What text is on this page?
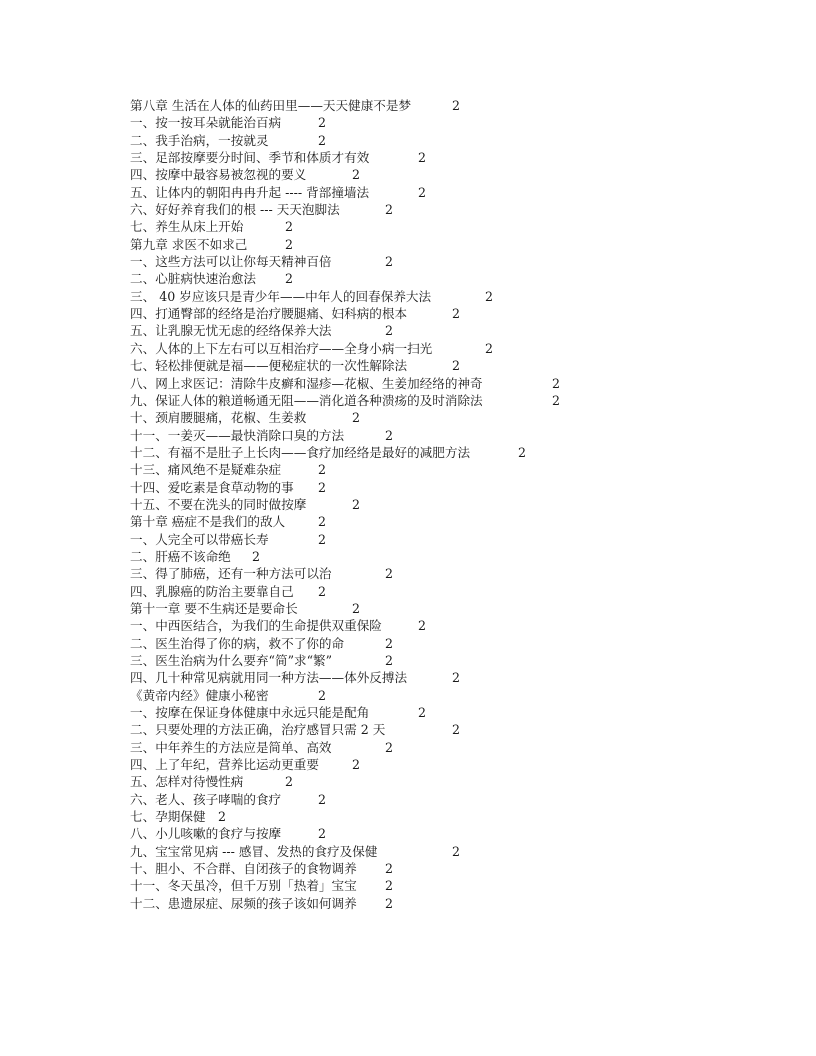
第八章 生活在人体的仙药田里——天天健康不是梦	2
一、按一按耳朵就能治百病	2
二、我手治病，一按就灵	2
三、足部按摩要分时间、季节和体质才有效	2
四、按摩中最容易被忽视的要义	2
五、让体内的朝阳冉冉升起 ---- 背部撞墙法	2
六、好好养育我们的根 --- 天天泡脚法	2
七、养生从床上开始	2
第九章 求医不如求己	2
一、这些方法可以让你每天精神百倍	2
二、心脏病快速治愈法 2
三、 40 岁应该只是青少年——中年人的回春保养大法	2
四、打通臀部的经络是治疗腰腿痛、妇科病的根本	2
五、让乳腺无忧无虑的经络保养大法	2
六、人体的上下左右可以互相治疗——全身小病一扫光	2
七、轻松排便就是福——便秘症状的一次性解除法	2
八、网上求医记：清除牛皮癣和湿疹—花椒、生姜加经络的神奇	2
九、保证人体的粮道畅通无阻——消化道各种溃疡的及时消除法	2
十、颈肩腰腿痛，花椒、生姜救	2
十一、一姜灭——最快消除口臭的方法	2
十二、有福不是肚子上长肉——食疗加经络是最好的减肥方法	2
十三、痛风绝不是疑难杂症	2
十四、爱吃素是食草动物的事 2
十五、不要在洗头的同时做按摩	2
第十章 癌症不是我们的敌人	2
一、人完全可以带癌长寿	2
二、肝癌不该命绝 2
三、得了肺癌，还有一种方法可以治	2
四、乳腺癌的防治主要靠自己 2
第十一章 要不生病还是要命长	2
一、中西医结合，为我们的生命提供双重保险	2
二、医生治得了你的病，救不了你的命	2
三、医生治病为什么要弃“简”求“繁”	2
四、几十种常见病就用同一种方法——体外反搏法	2
《黄帝内经》健康小秘密	2
一、按摩在保证身体健康中永远只能是配角	2
二、只要处理的方法正确，治疗感冒只需 2 天	2
三、中年养生的方法应是简单、高效	2
四、上了年纪，营养比运动更重要	2
五、怎样对待慢性病	2
六、老人、孩子哮喘的食疗	2
七、孕期保健 2
八、小儿咳嗽的食疗与按摩	2
九、宝宝常见病 --- 感冒、发热的食疗及保健	2
十、胆小、不合群、自闭孩子的食物调养 2
十一、冬天虽冷，但千万别「热着」宝宝 2
十二、患遗尿症、尿频的孩子该如何调养 2
